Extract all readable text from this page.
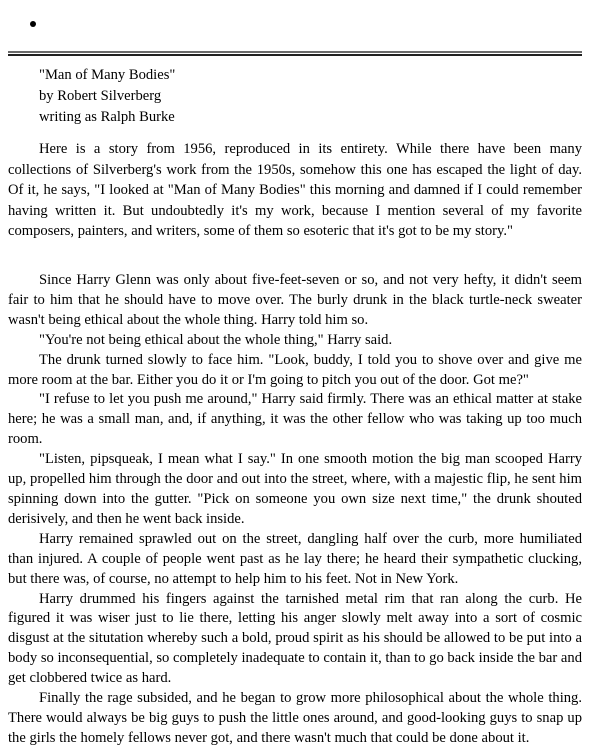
"Man of Many Bodies"
by Robert Silverberg
writing as Ralph Burke

Here is a story from 1956, reproduced in its entirety. While there have been many collections of Silverberg's work from the 1950s, somehow this one has escaped the light of day. Of it, he says, "I looked at "Man of Many Bodies" this morning and damned if I could remember having written it. But undoubtedly it's my work, because I mention several of my favorite composers, painters, and writers, some of them so esoteric that it's got to be my story."

Since Harry Glenn was only about five-feet-seven or so, and not very hefty, it didn't seem fair to him that he should have to move over. The burly drunk in the black turtle-neck sweater wasn't being ethical about the whole thing. Harry told him so.

"You're not being ethical about the whole thing," Harry said.

The drunk turned slowly to face him. "Look, buddy, I told you to shove over and give me more room at the bar. Either you do it or I'm going to pitch you out of the door. Got me?"

"I refuse to let you push me around," Harry said firmly. There was an ethical matter at stake here; he was a small man, and, if anything, it was the other fellow who was taking up too much room.

"Listen, pipsqueak, I mean what I say." In one smooth motion the big man scooped Harry up, propelled him through the door and out into the street, where, with a majestic flip, he sent him spinning down into the gutter. "Pick on someone you own size next time," the drunk shouted derisively, and then he went back inside.

Harry remained sprawled out on the street, dangling half over the curb, more humiliated than injured. A couple of people went past as he lay there; he heard their sympathetic clucking, but there was, of course, no attempt to help him to his feet. Not in New York.

Harry drummed his fingers against the tarnished metal rim that ran along the curb. He figured it was wiser just to lie there, letting his anger slowly melt away into a sort of cosmic disgust at the situtation whereby such a bold, proud spirit as his should be allowed to be put into a body so inconsequential, so completely inadequate to contain it, than to go back inside the bar and get clobbered twice as hard.

Finally the rage subsided, and he began to grow more philosophical about the whole thing. There would always be big guys to push the little ones around, and good-looking guys to snap up the girls the homely fellows never got, and there wasn't much that could be done about it.
